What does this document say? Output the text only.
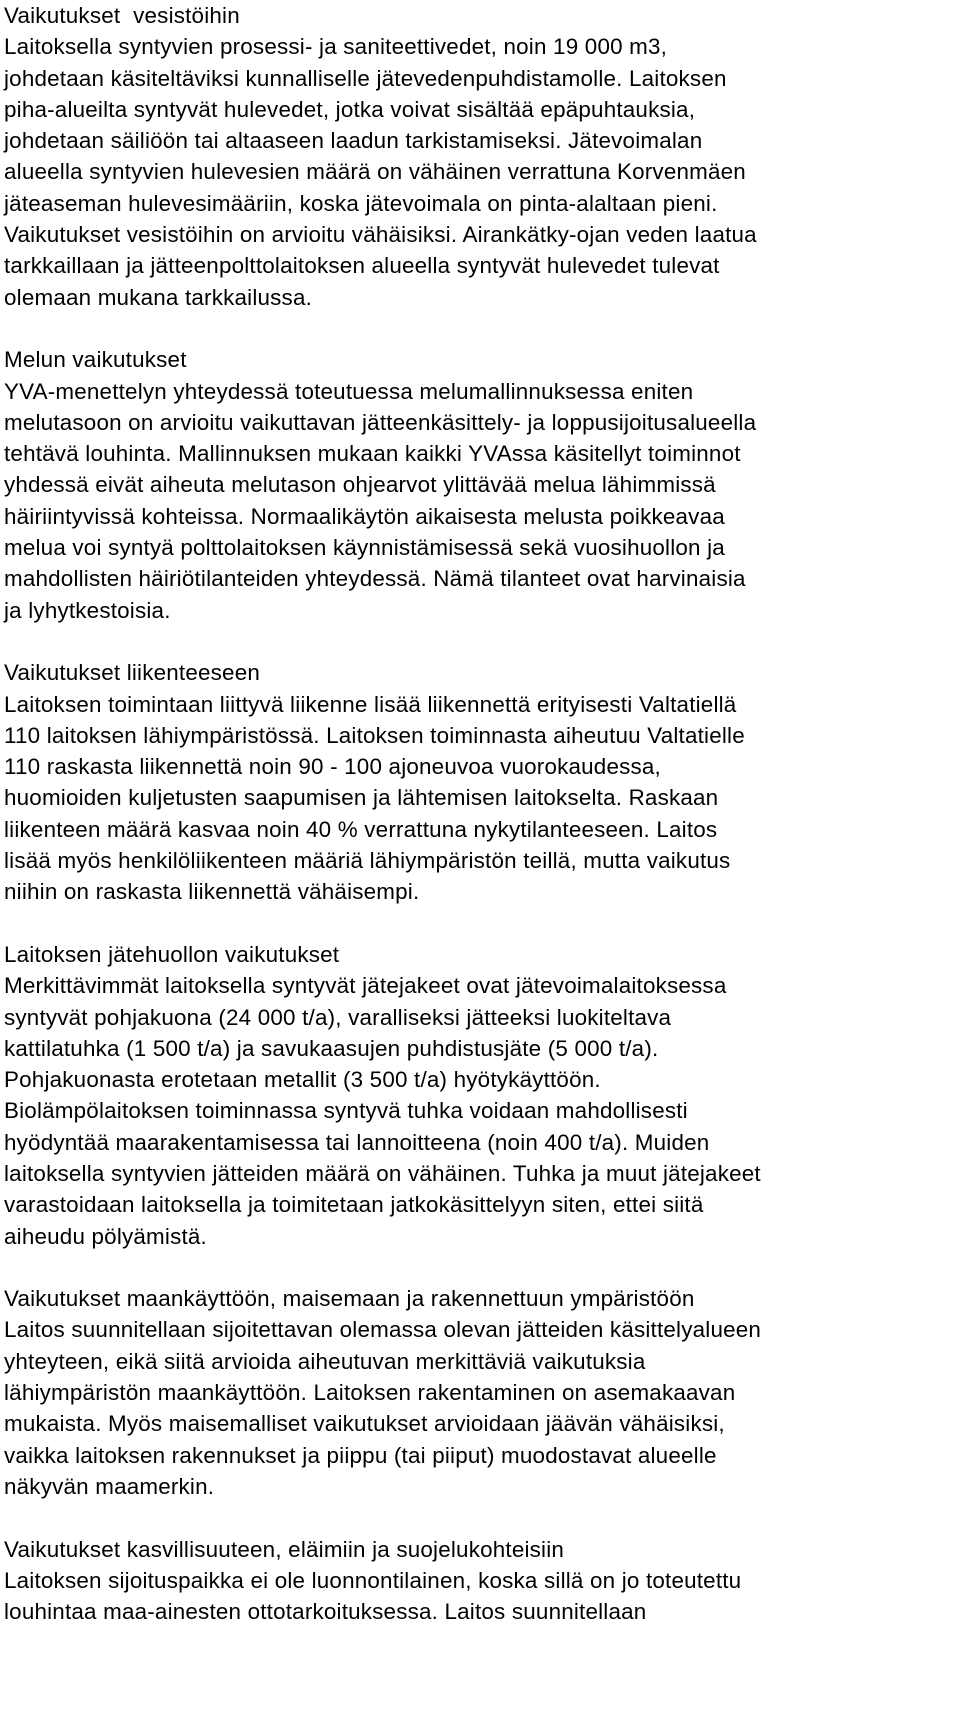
Vaikutukset  vesistöihin
Laitoksella syntyvien prosessi- ja saniteettivedet, noin 19 000 m3,
johdetaan käsiteltäviksi kunnalliselle jätevedenpuhdistamolle. Laitoksen
piha-alueilta syntyvät hulevedet, jotka voivat sisältää epäpuhtauksia,
johdetaan säiliöön tai altaaseen laadun tarkistamiseksi. Jätevoimalan
alueella syntyvien hulevesien määrä on vähäinen verrattuna Korvenmäen
jäteaseman hulevesimääriin, koska jätevoimala on pinta-alaltaan pieni.
Vaikutukset vesistöihin on arvioitu vähäisiksi. Airankätky-ojan veden laatua
tarkkaillaan ja jätteenpolttolaitoksen alueella syntyvät hulevedet tulevat
olemaan mukana tarkkailussa.
Melun vaikutukset
YVA-menettelyn yhteydessä toteutuessa melumallinnuksessa eniten
melutasoon on arvioitu vaikuttavan jätteenkäsittely- ja loppusijoitusalueella
tehtävä louhinta. Mallinnuksen mukaan kaikki YVAssa käsitellyt toiminnot
yhdessä eivät aiheuta melutason ohjearvot ylittävää melua lähimmissä
häiriintyvissä kohteissa. Normaalikäytön aikaisesta melusta poikkeavaa
melua voi syntyä polttolaitoksen käynnistämisessä sekä vuosihuollon ja
mahdollisten häiriötilanteiden yhteydessä. Nämä tilanteet ovat harvinaisia
ja lyhytkestoisia.
Vaikutukset liikenteeseen
Laitoksen toimintaan liittyvä liikenne lisää liikennettä erityisesti Valtatiellä
110 laitoksen lähiympäristössä. Laitoksen toiminnasta aiheutuu Valtatielle
110 raskasta liikennettä noin 90 - 100 ajoneuvoa vuorokaudessa,
huomioiden kuljetusten saapumisen ja lähtemisen laitokselta. Raskaan
liikenteen määrä kasvaa noin 40 % verrattuna nykytilanteeseen. Laitos
lisää myös henkilöliikenteen määriä lähiympäristön teillä, mutta vaikutus
niihin on raskasta liikennettä vähäisempi.
Laitoksen jätehuollon vaikutukset
Merkittävimmät laitoksella syntyvät jätejakeet ovat jätevoimalaitoksessa
syntyvät pohjakuona (24 000 t/a), varalliseksi jätteeksi luokiteltava
kattilatuhka (1 500 t/a) ja savukaasujen puhdistusjäte (5 000 t/a).
Pohjakuonasta erotetaan metallit (3 500 t/a) hyötykäyttöön.
Biolämpölaitoksen toiminnassa syntyvä tuhka voidaan mahdollisesti
hyödyntää maarakentamisessa tai lannoitteena (noin 400 t/a). Muiden
laitoksella syntyvien jätteiden määrä on vähäinen. Tuhka ja muut jätejakeet
varastoidaan laitoksella ja toimitetaan jatkokäsittelyyn siten, ettei siitä
aiheudu pölyämistä.
Vaikutukset maankäyttöön, maisemaan ja rakennettuun ympäristöön
Laitos suunnitellaan sijoitettavan olemassa olevan jätteiden käsittelyalueen
yhteyteen, eikä siitä arvioida aiheutuvan merkittäviä vaikutuksia
lähiympäristön maankäyttöön. Laitoksen rakentaminen on asemakaavan
mukaista. Myös maisemalliset vaikutukset arvioidaan jäävän vähäisiksi,
vaikka laitoksen rakennukset ja piippu (tai piiput) muodostavat alueelle
näkyvän maamerkin.
Vaikutukset kasvillisuuteen, eläimiin ja suojelukohteisiin
Laitoksen sijoituspaikka ei ole luonnontilainen, koska sillä on jo toteutettu
louhintaa maa-ainesten ottotarkoituksessa. Laitos suunnitellaan
